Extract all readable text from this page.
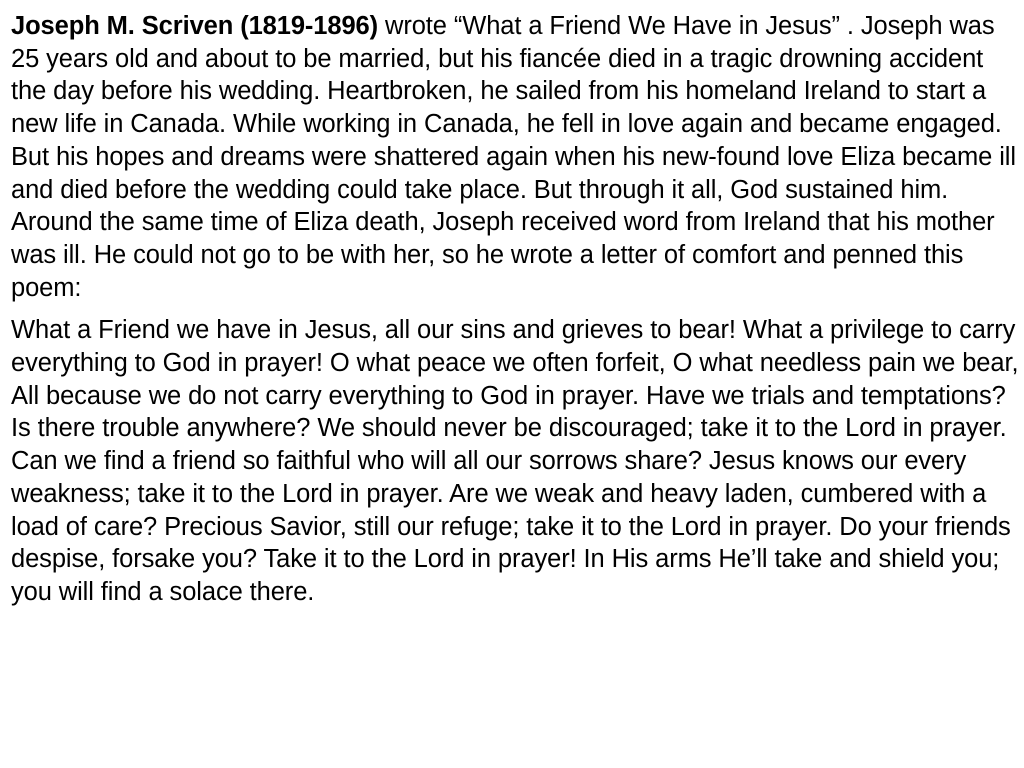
Joseph M. Scriven (1819-1896) wrote “What a Friend We Have in Jesus” . Joseph was 25 years old and about to be married, but his fiancée died in a tragic drowning accident the day before his wedding. Heartbroken, he sailed from his homeland Ireland to start a new life in Canada. While working in Canada, he fell in love again and became engaged. But his hopes and dreams were shattered again when his new-found love Eliza became ill and died before the wedding could take place. But through it all, God sustained him. Around the same time of Eliza death, Joseph received word from Ireland that his mother was ill. He could not go to be with her, so he wrote a letter of comfort and penned this poem:

What a Friend we have in Jesus, all our sins and grieves to bear! What a privilege to carry everything to God in prayer! O what peace we often forfeit, O what needless pain we bear, All because we do not carry everything to God in prayer. Have we trials and temptations? Is there trouble anywhere? We should never be discouraged; take it to the Lord in prayer. Can we find a friend so faithful who will all our sorrows share? Jesus knows our every weakness; take it to the Lord in prayer. Are we weak and heavy laden, cumbered with a load of care? Precious Savior, still our refuge; take it to the Lord in prayer. Do your friends despise, forsake you? Take it to the Lord in prayer! In His arms He’ll take and shield you; you will find a solace there.
